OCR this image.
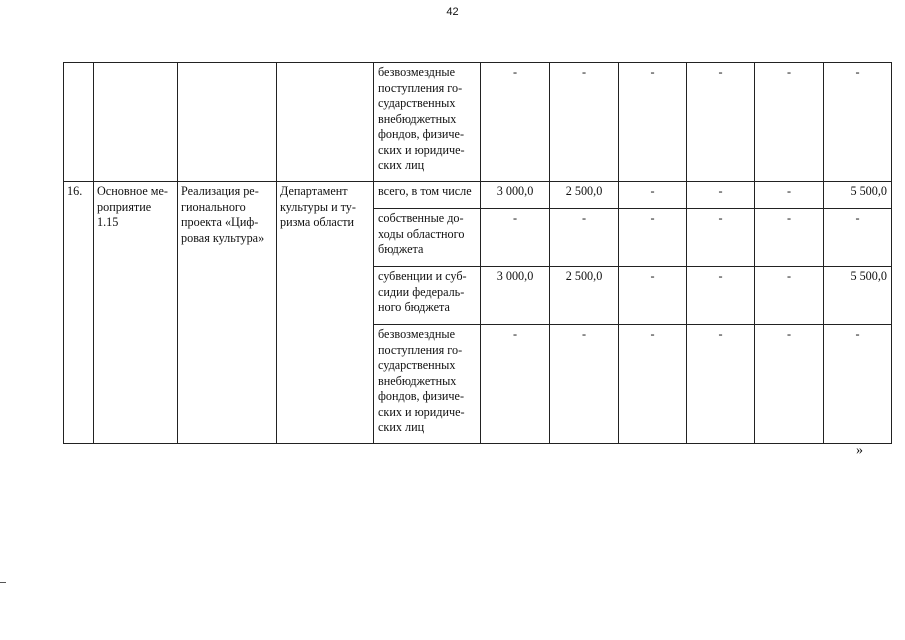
42
				безвозмездные поступления го-сударственных внебюджетных фондов, физиче-ских и юридиче-ских лиц	-	-	-	-	-	-
16.	Основное ме-роприятие 1.15	Реализация ре-гионального проекта «Циф-ровая культура»	Департамент культуры и ту-ризма области	всего, в том числе	3 000,0	2 500,0	-	-	-	5 500,0
				собственные до-ходы областного бюджета	-	-	-	-	-	-
				субвенции и суб-сидии федераль-ного бюджета	3 000,0	2 500,0	-	-	-	5 500,0
				безвозмездные поступления го-сударственных внебюджетных фондов, физиче-ских и юридиче-ских лиц	-	-	-	-	-	-
»
